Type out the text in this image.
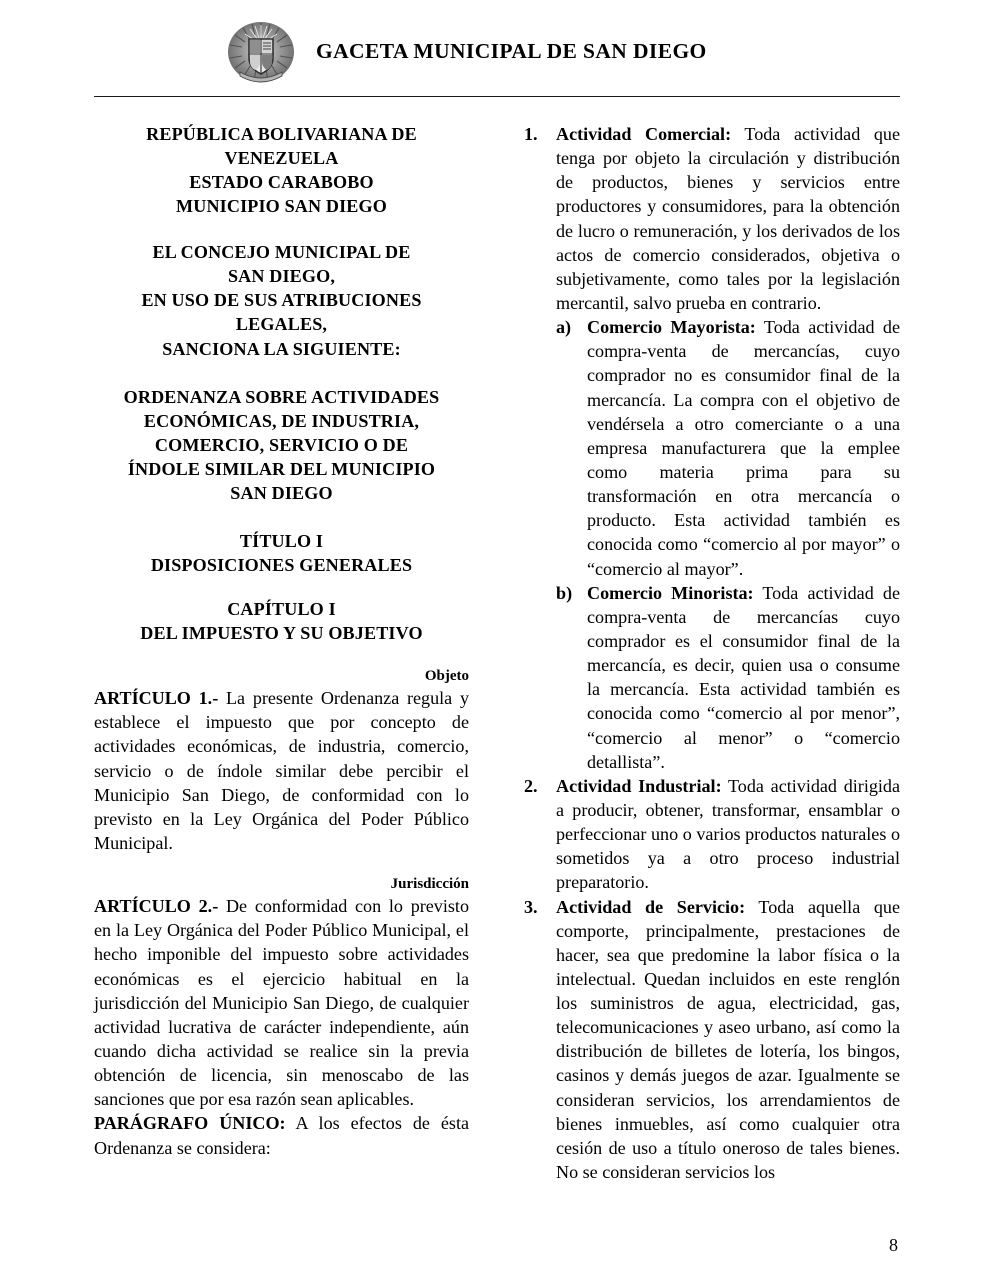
GACETA MUNICIPAL DE SAN DIEGO
REPÚBLICA BOLIVARIANA DE
VENEZUELA
ESTADO CARABOBO
MUNICIPIO SAN DIEGO
EL CONCEJO MUNICIPAL DE
SAN DIEGO,
EN USO DE SUS ATRIBUCIONES
LEGALES,
SANCIONA LA SIGUIENTE:
ORDENANZA SOBRE ACTIVIDADES
ECONÓMICAS, DE INDUSTRIA,
COMERCIO, SERVICIO O DE
ÍNDOLE SIMILAR DEL MUNICIPIO
SAN DIEGO
TÍTULO I
DISPOSICIONES GENERALES
CAPÍTULO I
DEL IMPUESTO Y SU OBJETIVO
Objeto

ARTÍCULO 1.- La presente Ordenanza regula y establece el impuesto que por concepto de actividades económicas, de industria, comercio, servicio o de índole similar debe percibir el Municipio San Diego, de conformidad con lo previsto en la Ley Orgánica del Poder Público Municipal.

Jurisdicción

ARTÍCULO 2.- De conformidad con lo previsto en la Ley Orgánica del Poder Público Municipal, el hecho imponible del impuesto sobre actividades económicas es el ejercicio habitual en la jurisdicción del Municipio San Diego, de cualquier actividad lucrativa de carácter independiente, aún cuando dicha actividad se realice sin la previa obtención de licencia, sin menoscabo de las sanciones que por esa razón sean aplicables.

PARÁGRAFO ÚNICO: A los efectos de ésta Ordenanza se considera:

1.	Actividad Comercial: Toda actividad que tenga por objeto la circulación y distribución de productos, bienes y servicios entre productores y consumidores, para la obtención de lucro o remuneración, y los derivados de los actos de comercio considerados, objetiva o subjetivamente, como tales por la legislación mercantil, salvo prueba en contrario.
a) Comercio Mayorista: Toda actividad de compra-venta de mercancías, cuyo comprador no es consumidor final de la mercancía. La compra con el objetivo de vendérsela a otro comerciante o a una empresa manufacturera que la emplee como materia prima para su transformación en otra mercancía o producto. Esta actividad también es conocida como “comercio al por mayor” o “comercio al mayor”.
b) Comercio Minorista: Toda actividad de compra-venta de mercancías cuyo comprador es el consumidor final de la mercancía, es decir, quien usa o consume la mercancía. Esta actividad también es conocida como “comercio al por menor”, “comercio al menor” o “comercio detallista”.
2.	Actividad Industrial: Toda actividad dirigida a producir, obtener, transformar, ensamblar o perfeccionar uno o varios productos naturales o sometidos ya a otro proceso industrial preparatorio.
3.	Actividad de Servicio: Toda aquella que comporte, principalmente, prestaciones de hacer, sea que predomine la labor física o la intelectual. Quedan incluidos en este renglón los suministros de agua, electricidad, gas, telecomunicaciones y aseo urbano, así como la distribución de billetes de lotería, los bingos, casinos y demás juegos de azar. Igualmente se consideran servicios, los arrendamientos de bienes inmuebles, así como cualquier otra cesión de uso a título oneroso de tales bienes. No se consideran servicios los
8
